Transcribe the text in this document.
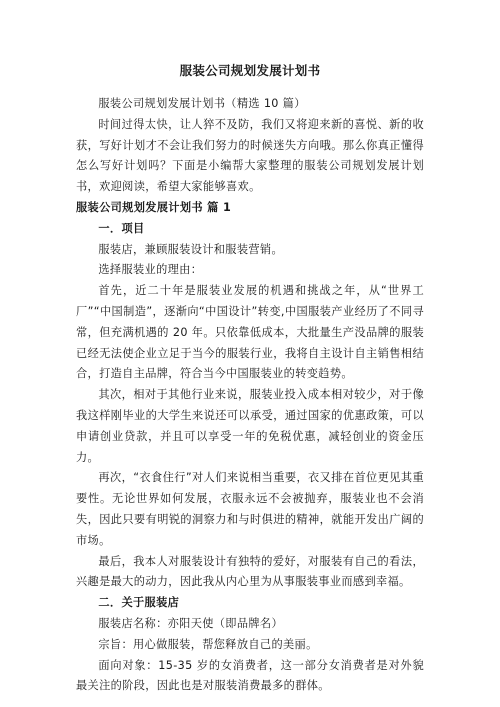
服装公司规划发展计划书

服装公司规划发展计划书（精选 10 篇）

时间过得太快，让人猝不及防，我们又将迎来新的喜悦、新的收获，写好计划才不会让我们努力的时候迷失方向哦。那么你真正懂得怎么写好计划吗？下面是小编帮大家整理的服装公司规划发展计划书，欢迎阅读，希望大家能够喜欢。

服装公司规划发展计划书 篇 1

一．项目

服装店，兼顾服装设计和服装营销。

选择服装业的理由：

首先，近二十年是服装业发展的机遇和挑战之年，从“世界工厂”“中国制造”，逐渐向“中国设计”转变,中国服装产业经历了不同寻常，但充满机遇的 20 年。只依靠低成本，大批量生产没品牌的服装已经无法使企业立足于当今的服装行业，我将自主设计自主销售相结合，打造自主品牌，符合当今中国服装业的转变趋势。

其次，相对于其他行业来说，服装业投入成本相对较少，对于像我这样刚毕业的大学生来说还可以承受，通过国家的优惠政策，可以申请创业贷款，并且可以享受一年的免税优惠，减轻创业的资金压力。

再次，“衣食住行”对人们来说相当重要，衣又排在首位更见其重要性。无论世界如何发展，衣服永远不会被抛弃，服装业也不会消失，因此只要有明锐的洞察力和与时俱进的精神，就能开发出广阔的市场。

最后，我本人对服装设计有独特的爱好，对服装有自己的看法，兴趣是最大的动力，因此我从内心里为从事服装事业而感到幸福。

二．关于服装店

服装店名称：亦阳天使（即品牌名）

宗旨：用心做服装，帮您释放自己的美丽。

面向对象：15-35 岁的女消费者，这一部分女消费者是对外貌最关注的阶段，因此也是对服装消费最多的群体。
